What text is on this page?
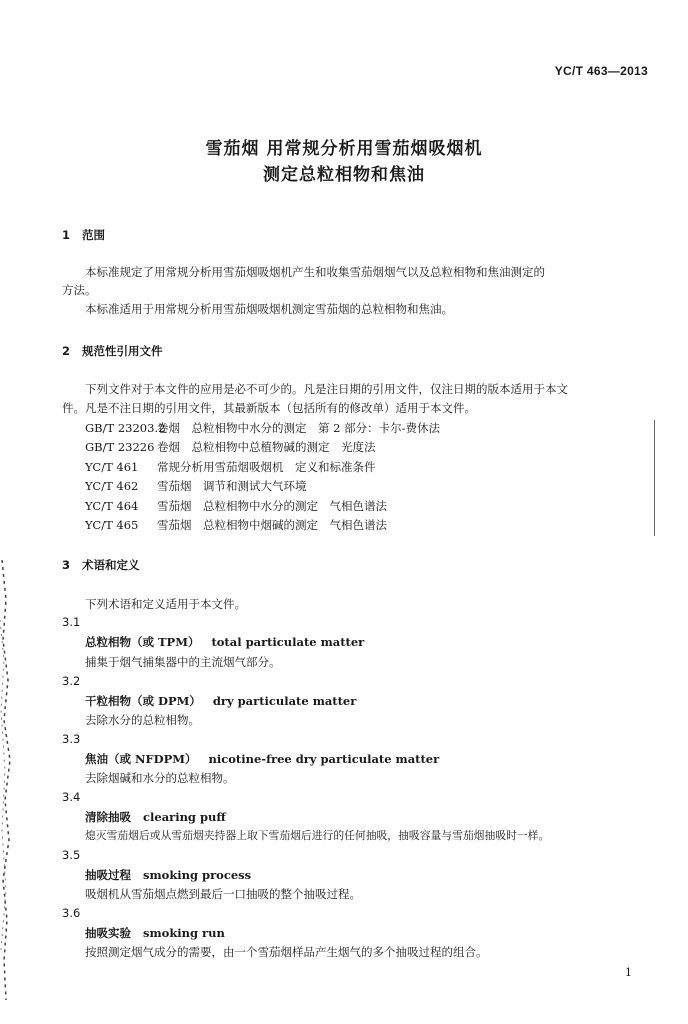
YC/T 463—2013
雪茄烟 用常规分析用雪茄烟吸烟机
测定总粒相物和焦油
1 范围
本标准规定了用常规分析用雪茄烟吸烟机产生和收集雪茄烟烟气以及总粒相物和焦油测定的
方法。
本标准适用于用常规分析用雪茄烟吸烟机测定雪茄烟的总粒相物和焦油。
2 规范性引用文件
下列文件对于本文件的应用是必不可少的。凡是注日期的引用文件，仅注日期的版本适用于本文
件。凡是不注日期的引用文件，其最新版本（包括所有的修改单）适用于本文件。
GB/T 23203.2卷烟　总粒相物中水分的测定　第 2 部分：卡尔-费休法
GB/T 23226 卷烟　总粒相物中总植物碱的测定　光度法
YC/T 461 常规分析用雪茄烟吸烟机　定义和标准条件
YC/T 462 雪茄烟　调节和测试大气环境
YC/T 464 雪茄烟　总粒相物中水分的测定　气相色谱法
YC/T 465 雪茄烟　总粒相物中烟碱的测定　气相色谱法
3 术语和定义
下列术语和定义适用于本文件。
3.1
总粒相物（或 TPM） total particulate matter
捕集于烟气捕集器中的主流烟气部分。
3.2
干粒相物（或 DPM） dry particulate matter
去除水分的总粒相物。
3.3
焦油（或 NFDPM） nicotine-free dry particulate matter
去除烟碱和水分的总粒相物。
3.4
清除抽吸 clearing puff
熄灭雪茄烟后或从雪茄烟夹持器上取下雪茄烟后进行的任何抽吸，抽吸容量与雪茄烟抽吸时一样。
3.5
抽吸过程 smoking process
吸烟机从雪茄烟点燃到最后一口抽吸的整个抽吸过程。
3.6
抽吸实验 smoking run
按照测定烟气成分的需要，由一个雪茄烟样品产生烟气的多个抽吸过程的组合。
1
